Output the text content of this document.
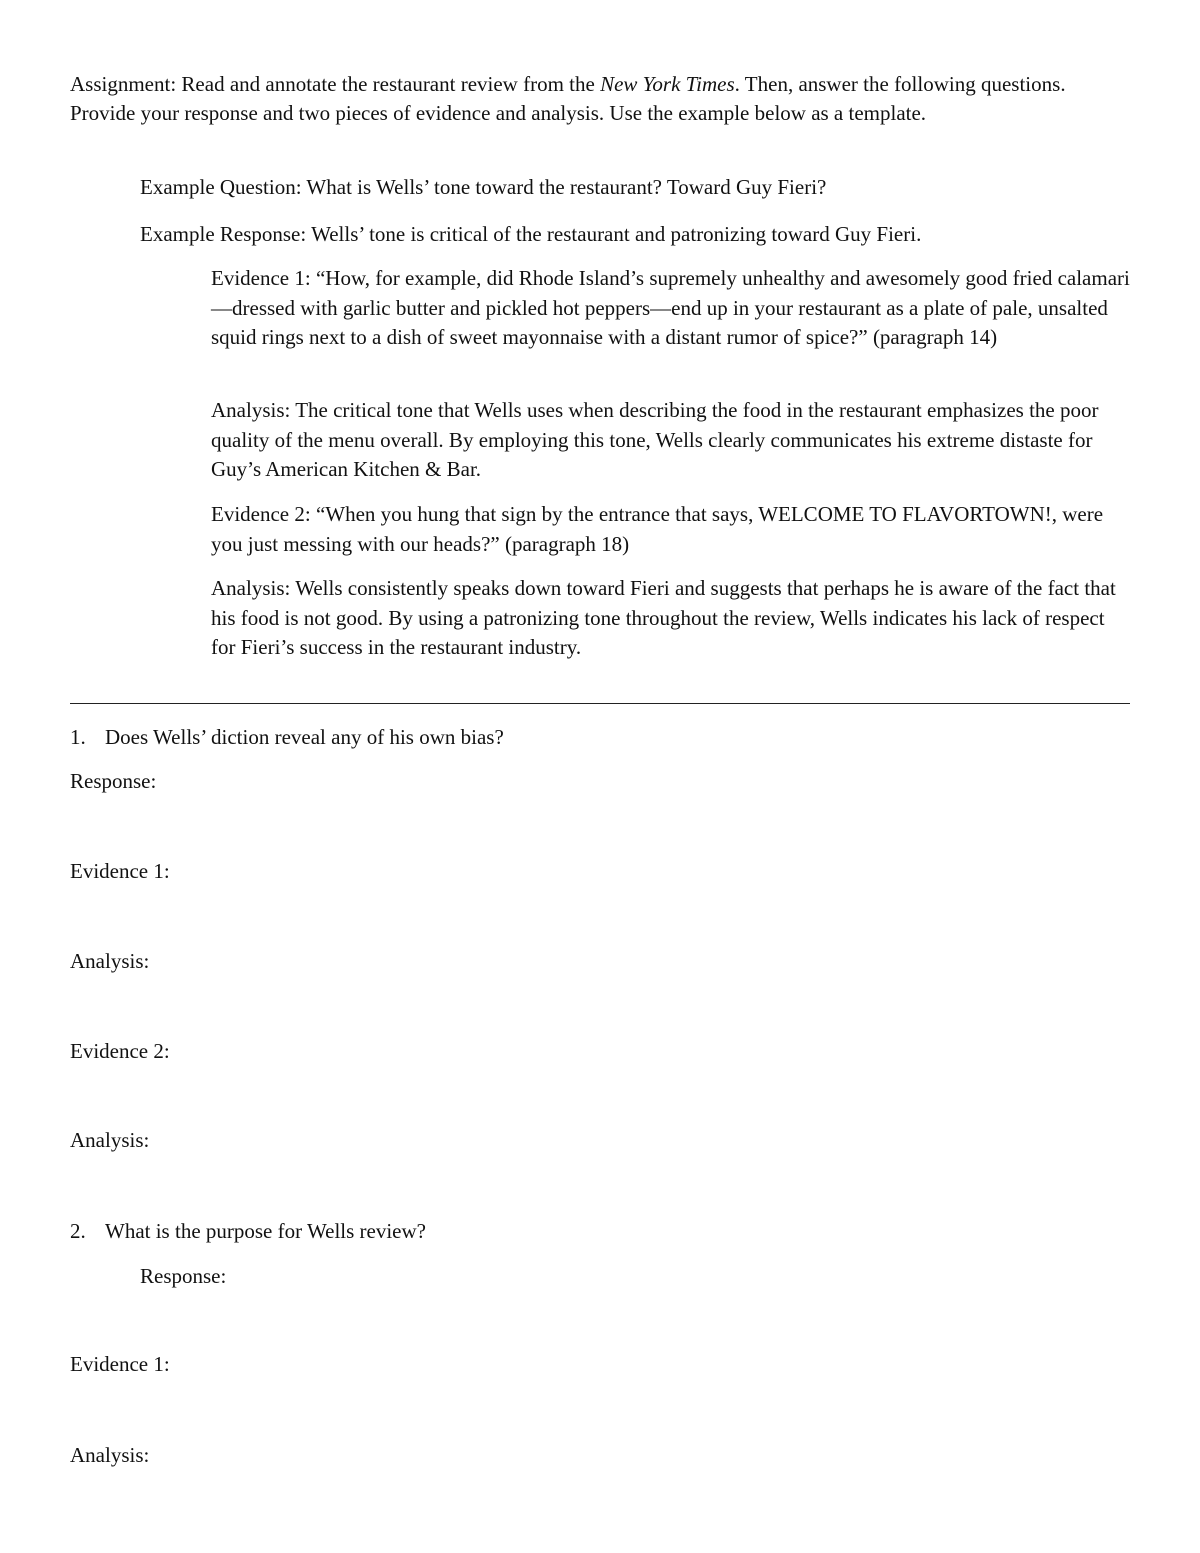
Assignment: Read and annotate the restaurant review from the New York Times. Then, answer the following questions. Provide your response and two pieces of evidence and analysis. Use the example below as a template.

Example Question: What is Wells’ tone toward the restaurant? Toward Guy Fieri?

Example Response: Wells’ tone is critical of the restaurant and patronizing toward Guy Fieri.

Evidence 1: “How, for example, did Rhode Island’s supremely unhealthy and awesomely good fried calamari—dressed with garlic butter and pickled hot peppers—end up in your restaurant as a plate of pale, unsalted squid rings next to a dish of sweet mayonnaise with a distant rumor of spice?” (paragraph 14)

Analysis: The critical tone that Wells uses when describing the food in the restaurant emphasizes the poor quality of the menu overall. By employing this tone, Wells clearly communicates his extreme distaste for Guy’s American Kitchen & Bar.

Evidence 2: “When you hung that sign by the entrance that says, WELCOME TO FLAVORTOWN!, were you just messing with our heads?” (paragraph 18)

Analysis: Wells consistently speaks down toward Fieri and suggests that perhaps he is aware of the fact that his food is not good. By using a patronizing tone throughout the review, Wells indicates his lack of respect for Fieri’s success in the restaurant industry.

1. Does Wells’ diction reveal any of his own bias?

Response:

Evidence 1:

Analysis:

Evidence 2:

Analysis:

2. What is the purpose for Wells review?

Response:

Evidence 1:

Analysis:
